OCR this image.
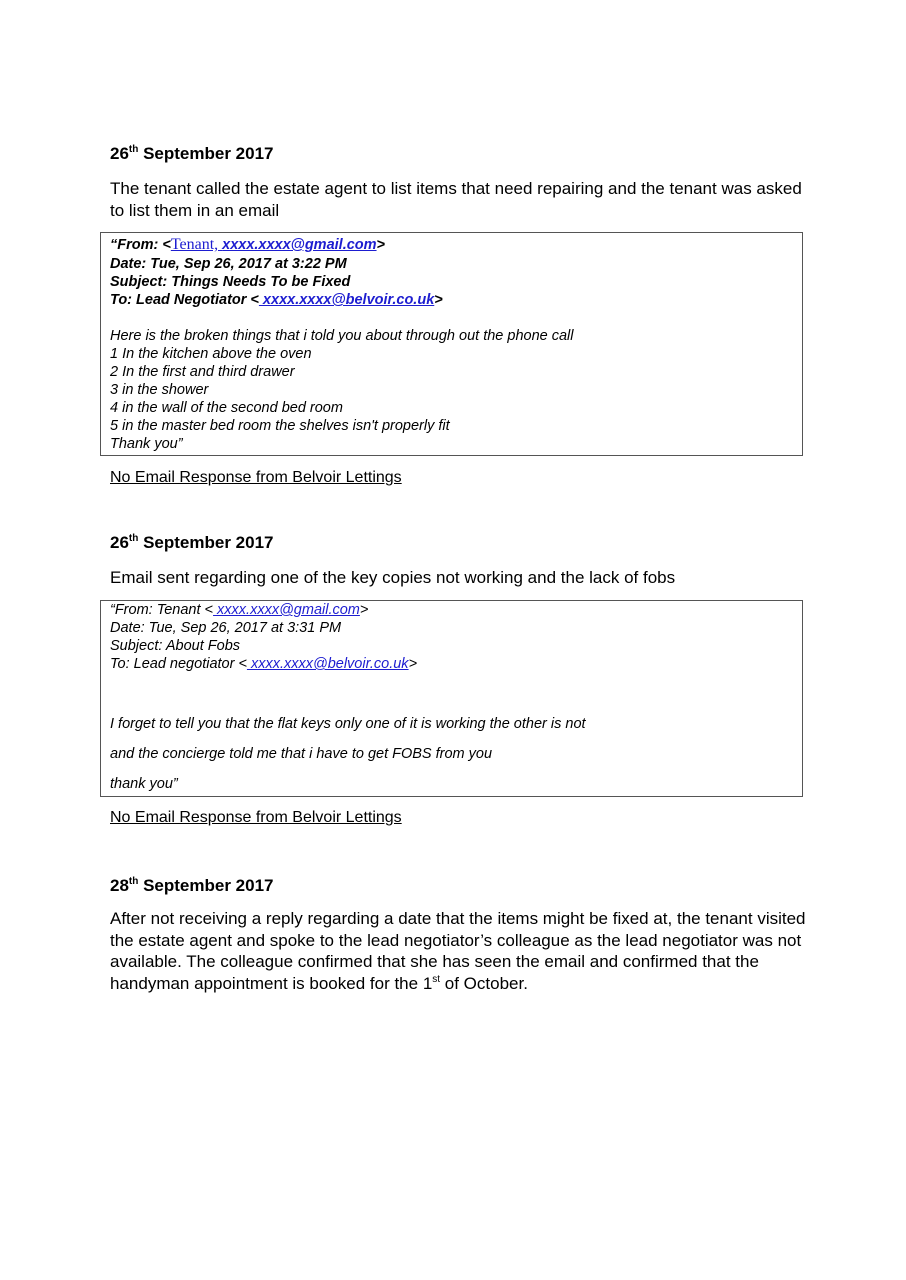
26th September 2017

The tenant called the estate agent to list items that need repairing and the tenant was asked to list them in an email

“From: <Tenant, xxxx.xxxx@gmail.com>
Date: Tue, Sep 26, 2017 at 3:22 PM
Subject: Things Needs To be Fixed
To: Lead Negotiator < xxxx.xxxx@belvoir.co.uk>
Here is the broken things that i told you about through out the phone call
1 In the kitchen above the oven
2 In the first and third drawer
3 in the shower
4 in the wall of the second bed room
5 in the master bed room the shelves isn't properly fit
Thank you”
No Email Response from Belvoir Lettings
26th September 2017

Email sent regarding one of the key copies not working and the lack of fobs

“From: Tenant < xxxx.xxxx@gmail.com>
Date: Tue, Sep 26, 2017 at 3:31 PM
Subject: About Fobs
To: Lead negotiator < xxxx.xxxx@belvoir.co.uk>
I forget to tell you that the flat keys only one of it is working the other is not
and the concierge told me that i have to get FOBS from you
thank you”
No Email Response from Belvoir Lettings
28th September 2017

After not receiving a reply regarding a date that the items might be fixed at, the tenant visited the estate agent and spoke to the lead negotiator’s colleague as the lead negotiator was not available. The colleague confirmed that she has seen the email and confirmed that the handyman appointment is booked for the 1st of October.
